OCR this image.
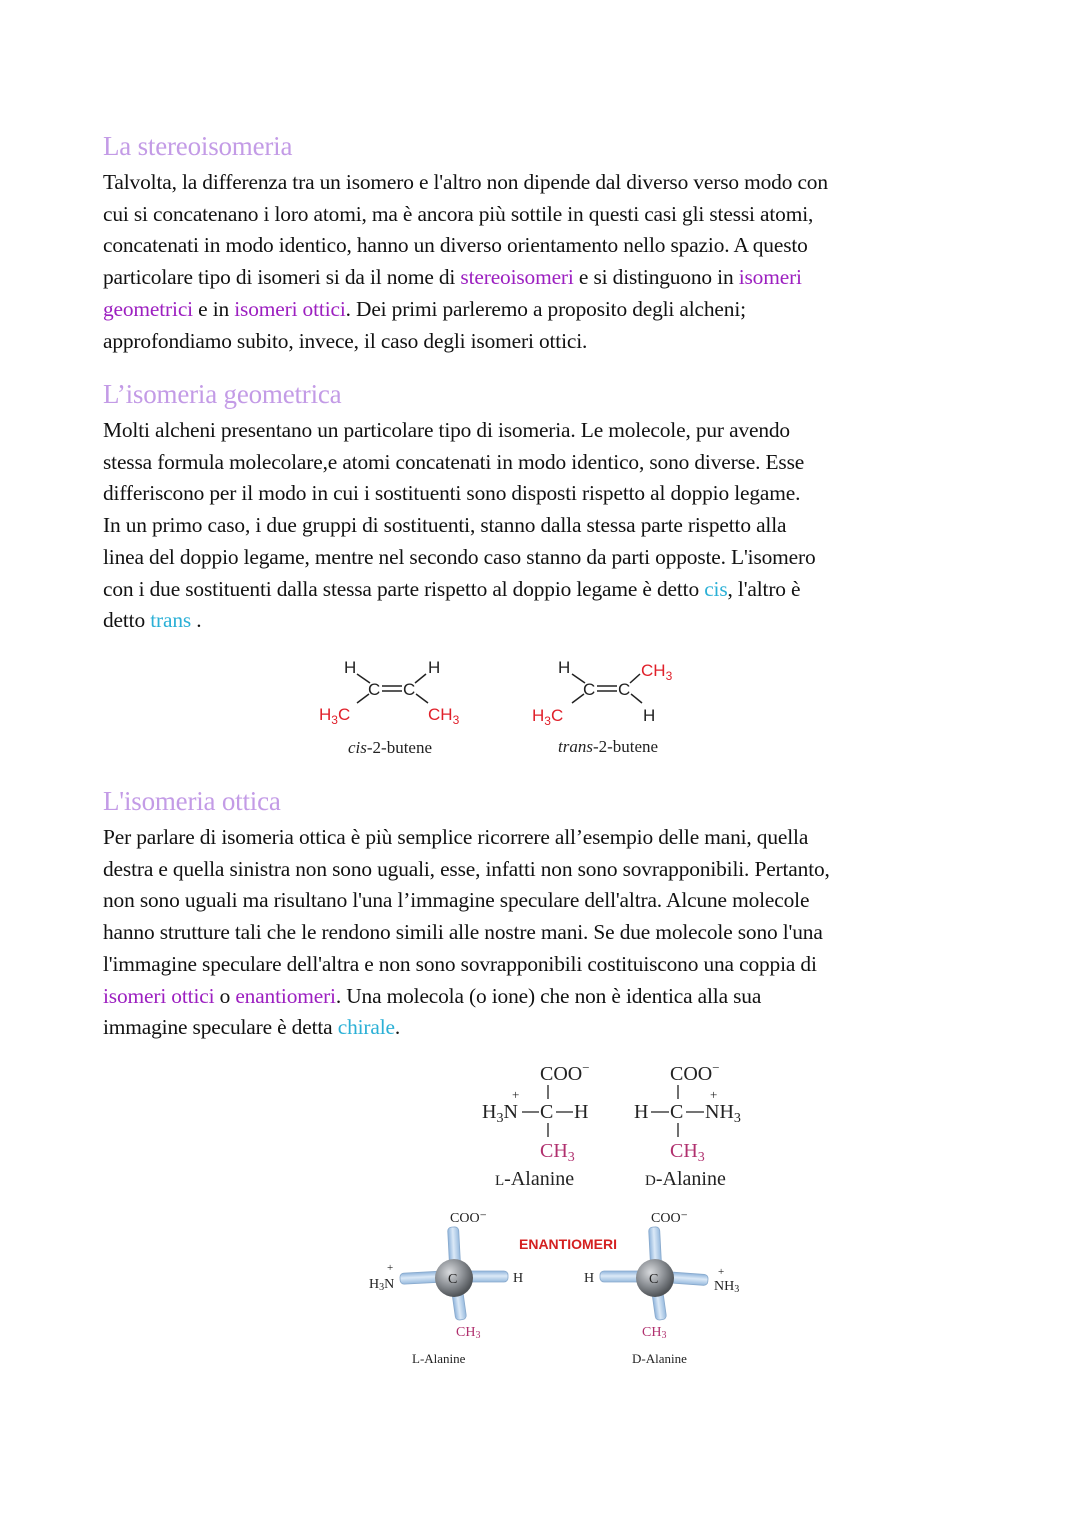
La stereoisomeria
Talvolta, la differenza tra un isomero e l'altro non dipende dal diverso verso modo con
cui si concatenano i loro atomi, ma è ancora più sottile in questi casi gli stessi atomi,
concatenati in modo identico, hanno un diverso orientamento nello spazio. A questo
particolare tipo di isomeri si da il nome di stereoisomeri e si distinguono in isomeri
geometrici e in isomeri ottici. Dei primi parleremo a proposito degli alcheni;
approfondiamo subito, invece, il caso degli isomeri ottici.
L’isomeria geometrica
Molti alcheni presentano un particolare tipo di isomeria. Le molecole, pur avendo
stessa formula molecolare,e atomi concatenati in modo identico, sono diverse. Esse
differiscono per il modo in cui i sostituenti sono disposti rispetto al doppio legame.
In un primo caso, i due gruppi di sostituenti, stanno dalla stessa parte rispetto alla
linea del doppio legame, mentre nel secondo caso stanno da parti opposte. L'isomero
con i due sostituenti dalla stessa parte rispetto al doppio legame è detto cis, l'altro è
detto trans .
H	H
C C
$H_3C$	$CH_3$
cis-2-butene
H	$CH_3$
C C
$H_3C$	H
trans-2-butene
L'isomeria ottica
Per parlare di isomeria ottica è più semplice ricorrere all’esempio delle mani, quella
destra e quella sinistra non sono uguali, esse, infatti non sono sovrapponibili. Pertanto,
non sono uguali ma risultano l'una l’immagine speculare dell'altra. Alcune molecole
hanno strutture tali che le rendono simili alle nostre mani. Se due molecole sono l'una
l'immagine speculare dell'altra e non sono sovrapponibili costituiscono una coppia di
isomeri ottici o enantiomeri. Una molecola (o ione) che non è identica alla sua
immagine speculare è detta chirale.
COO−
+
$H_3N$ C H
$CH_3$
L-Alanine
COO−
H C
+
$NH_3$
$CH_3$
D-Alanine
COO⁻
C	H
+
H3N
CH3
L-Alanine
ENANTIOMERI
COO⁻
C
H	+
NH3
CH3
D-Alanine
